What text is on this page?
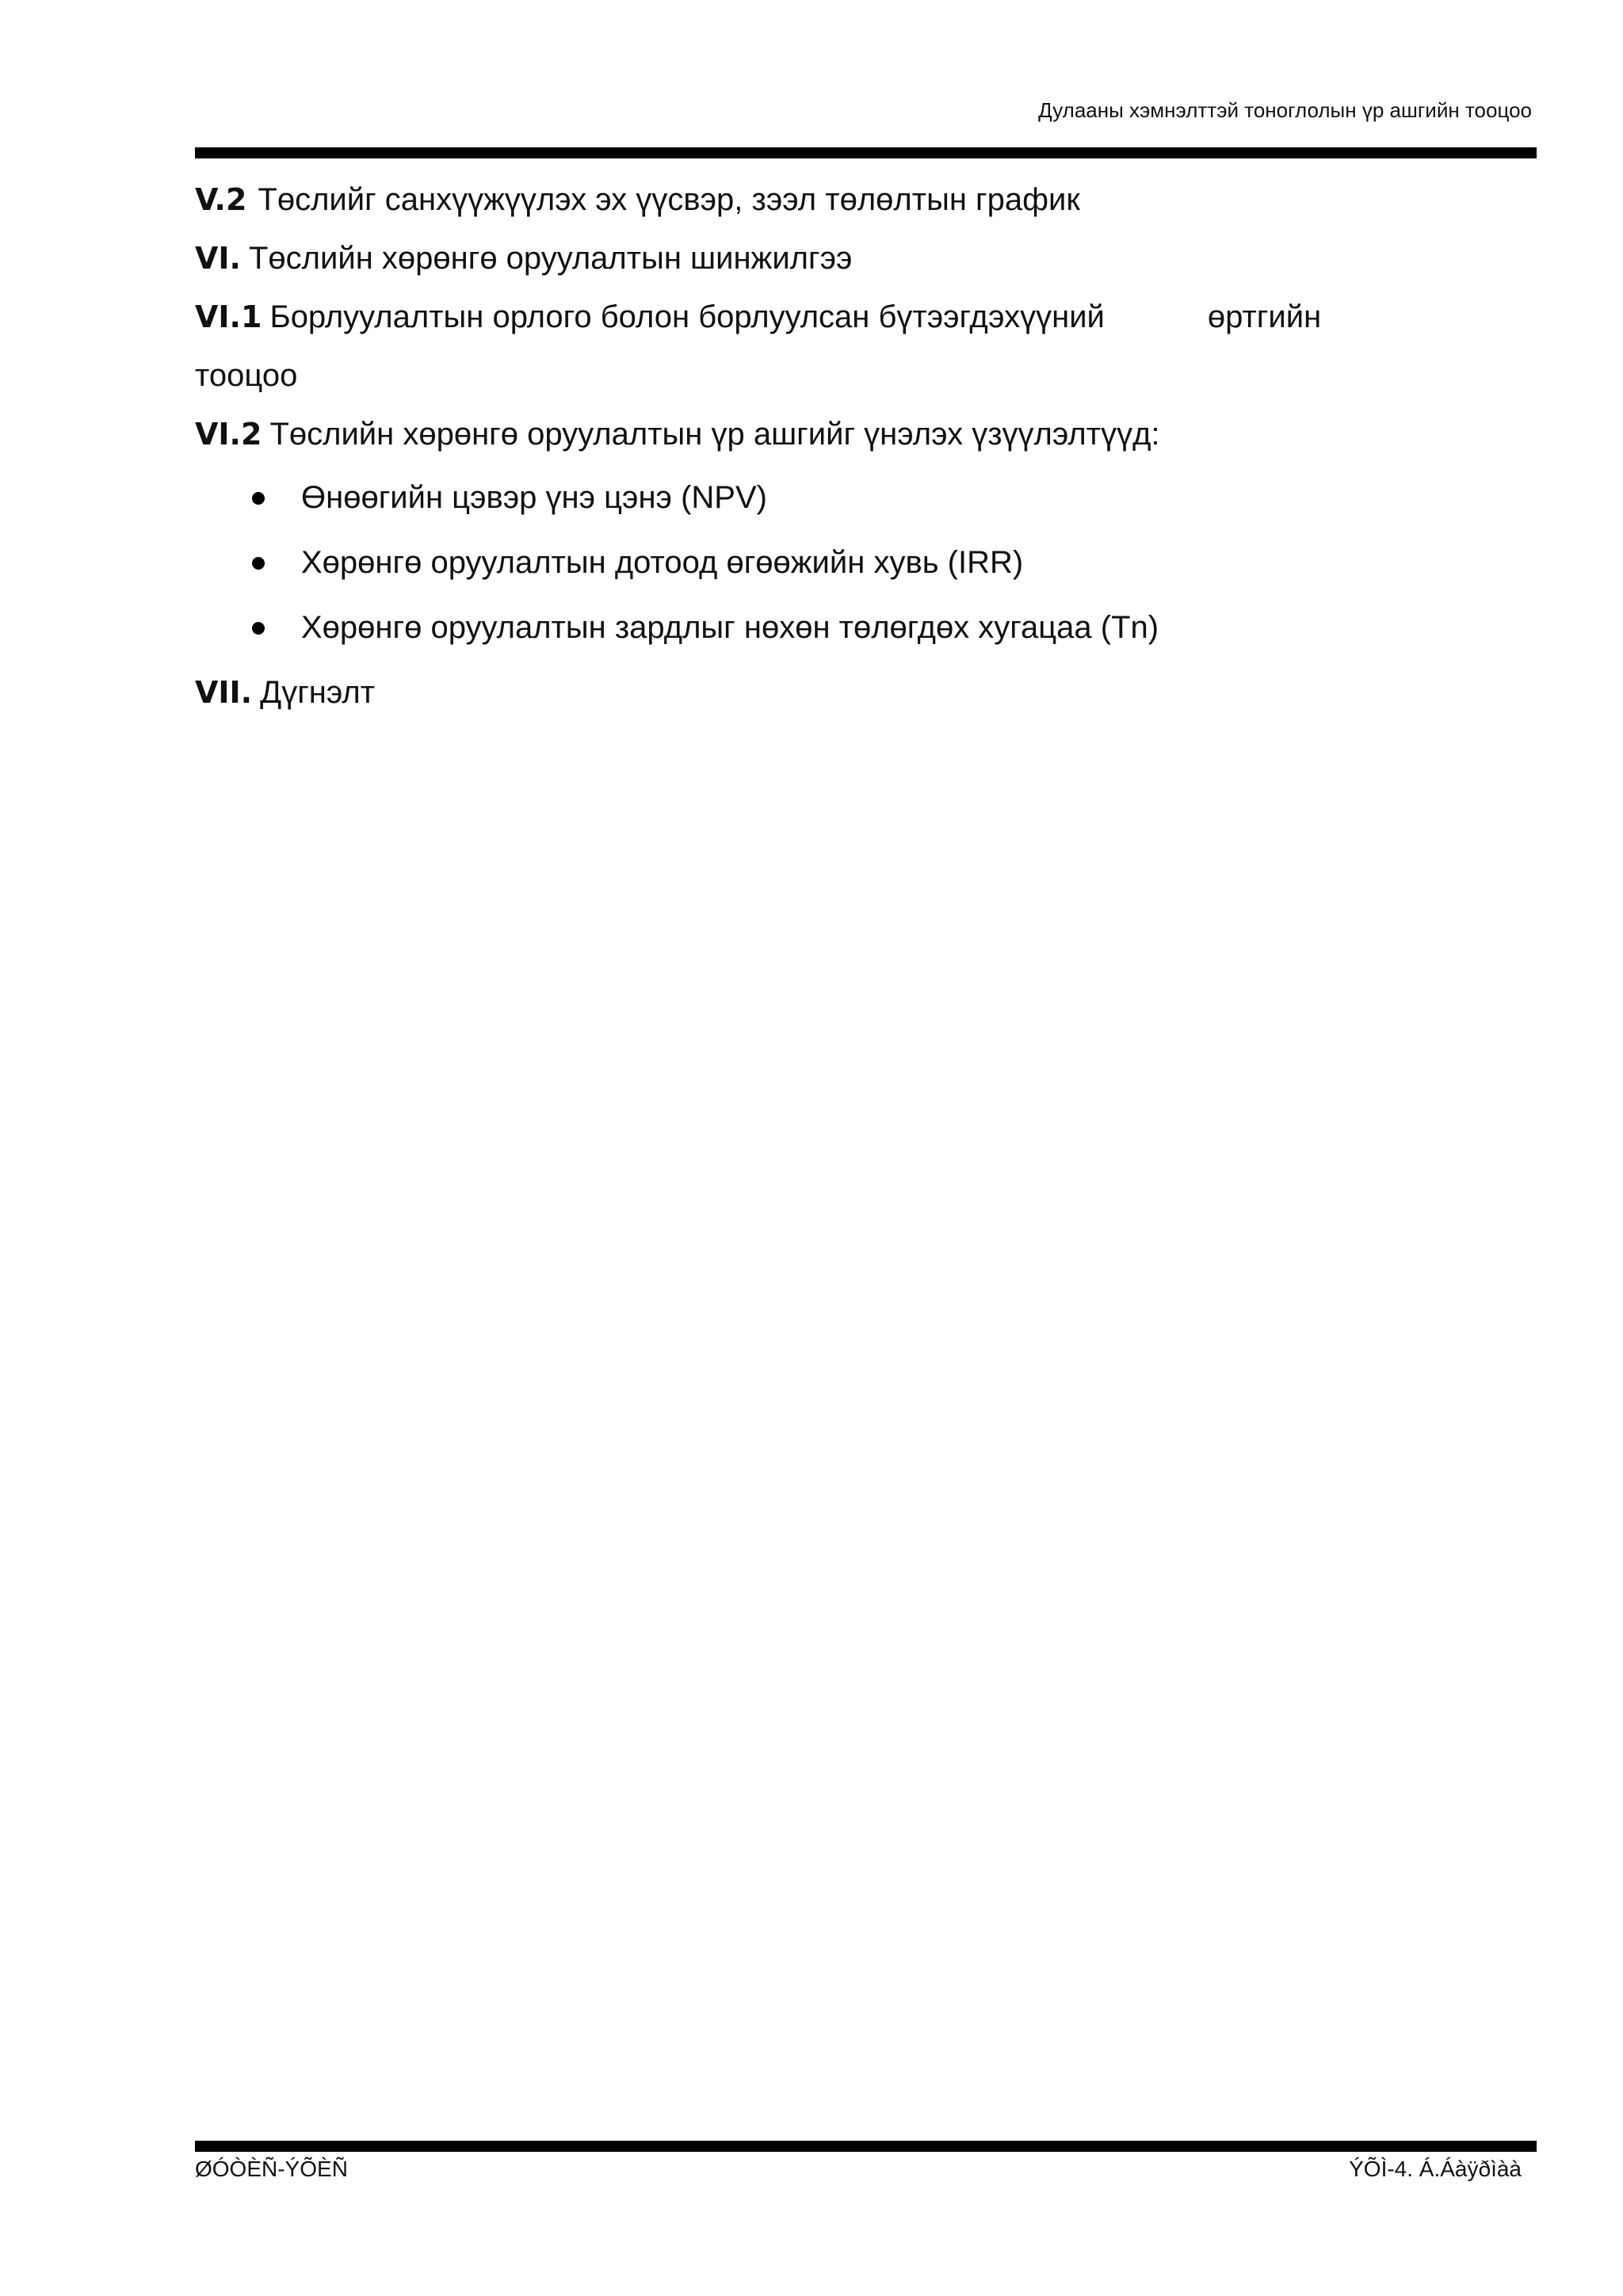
Дулааны хэмнэлттэй тоноглолын үр ашгийн тооцоо
V.2 Төслийг санхүүжүүлэх эх үүсвэр, зээл төлөлтын график
VI. Төслийн хөрөнгө оруулалтын шинжилгээ
VI.1 Борлуулалтын орлого болон борлуулсан бүтээгдэхүүний	өртгийн
тооцоо
VI.2 Төслийн хөрөнгө оруулалтын үр ашгийг үнэлэх үзүүлэлтүүд:
Өнөөгийн цэвэр үнэ цэнэ (NPV)
Хөрөнгө оруулалтын дотоод өгөөжийн хувь (IRR)
Хөрөнгө оруулалтын зардлыг нөхөн төлөгдөх хугацаа (Tn)
VII. Дүгнэлт
ØÓÒÈÑ-ÝÕÈÑ	ÝÕÌ-4. Á.Áàÿðìàà
